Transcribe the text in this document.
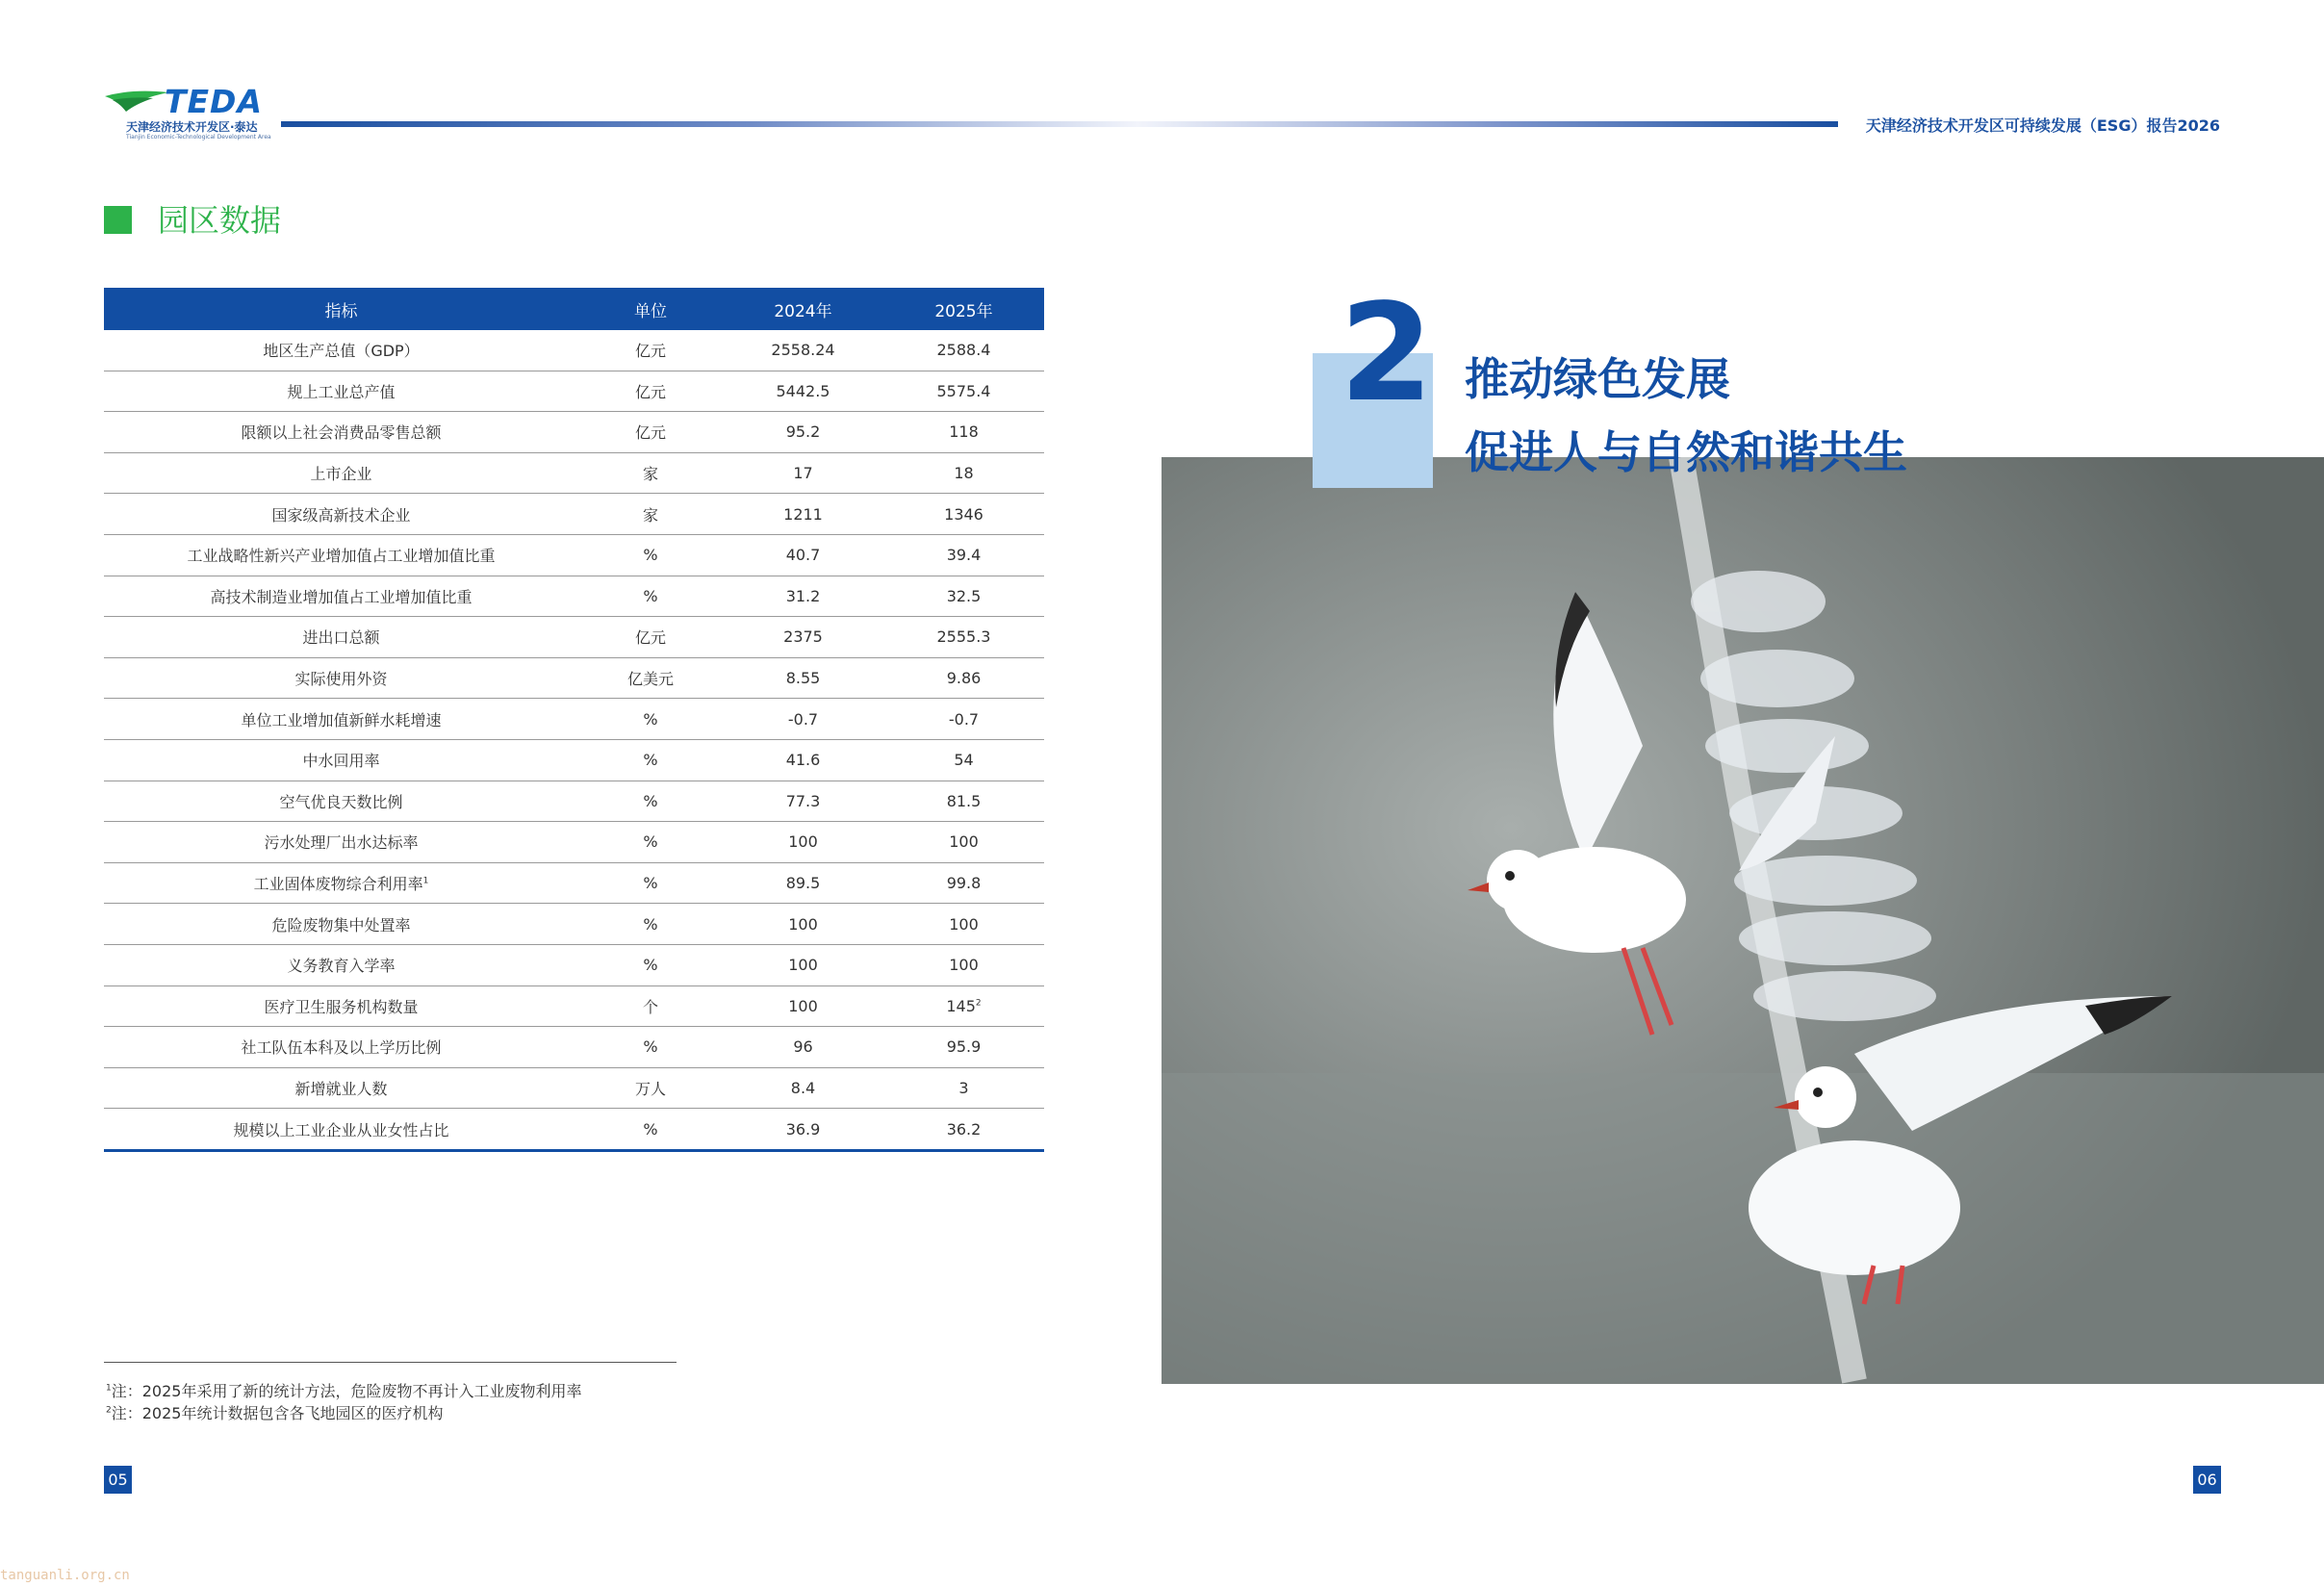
TEDA
天津经济技术开发区·泰达
Tianjin Economic-Technological Development Area
天津经济技术开发区可持续发展（ESG）报告2026
园区数据
指标	单位	2024年	2025年
地区生产总值（GDP）	亿元	2558.24	2588.4
规上工业总产值	亿元	5442.5	5575.4
限额以上社会消费品零售总额	亿元	95.2	118
上市企业	家	17	18
国家级高新技术企业	家	1211	1346
工业战略性新兴产业增加值占工业增加值比重	%	40.7	39.4
高技术制造业增加值占工业增加值比重	%	31.2	32.5
进出口总额	亿元	2375	2555.3
实际使用外资	亿美元	8.55	9.86
单位工业增加值新鲜水耗增速	%	-0.7	-0.7
中水回用率	%	41.6	54
空气优良天数比例	%	77.3	81.5
污水处理厂出水达标率	%	100	100
工业固体废物综合利用率$^1$	%	89.5	99.8
危险废物集中处置率	%	100	100
义务教育入学率	%	100	100
医疗卫生服务机构数量	个	100	$145^2$
社工队伍本科及以上学历比例	%	96	95.9
新增就业人数	万人	8.4	3
规模以上工业企业从业女性占比	%	36.9	36.2
$^1$注：2025年采用了新的统计方法，危险废物不再计入工业废物利用率
$^2$注：2025年统计数据包含各飞地园区的医疗机构
05	06
2 推动绿色发展
促进人与自然和谐共生
tanguanli.org.cn
